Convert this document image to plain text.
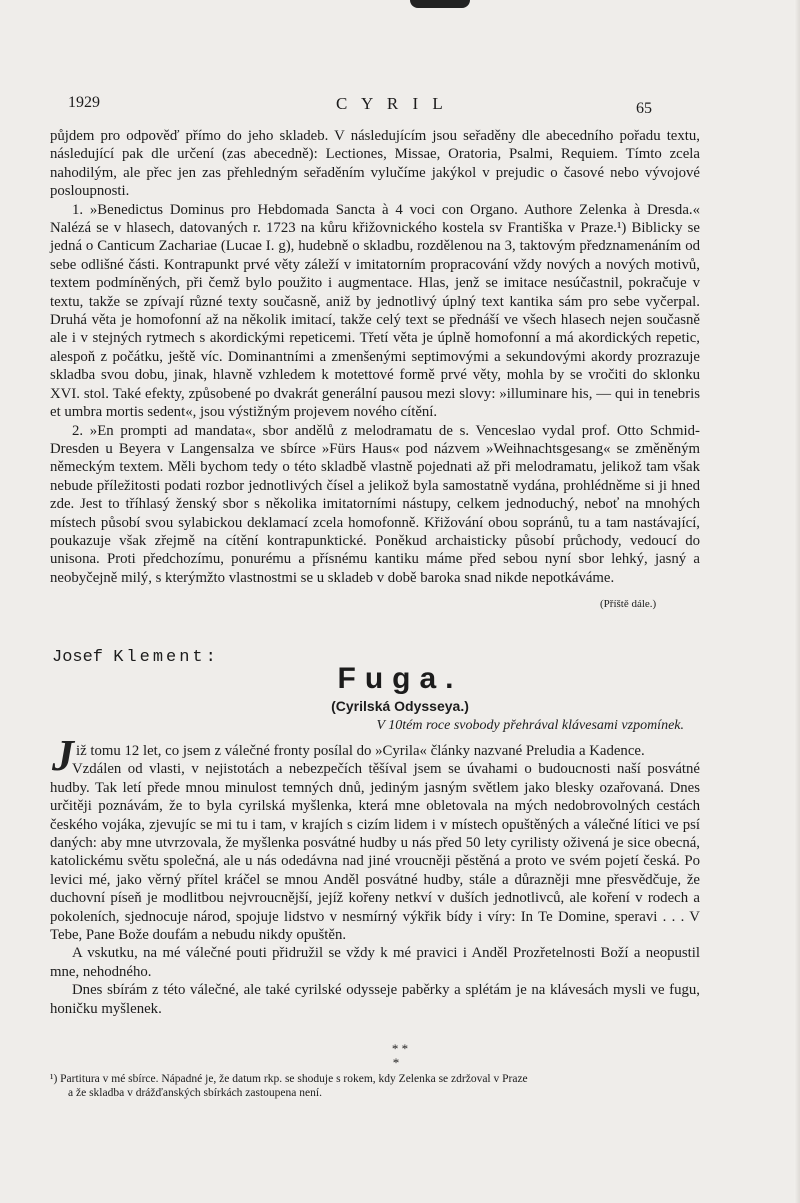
1929	C Y R I L	65

půjdem pro odpověď přímo do jeho skladeb. V následujícím jsou seřaděny dle abecedního pořadu textu, následující pak dle určení (zas abecedně): Lectiones, Missae, Oratoria, Psalmi, Requiem. Tímto zcela nahodilým, ale přec jen zas přehledným seřaděním vylučíme jakýkol v prejudic o časové nebo vývojové posloupnosti.

1. »Benedictus Dominus pro Hebdomada Sancta à 4 voci con Organo. Authore Zelenka à Dresda.« Nalézá se v hlasech, datovaných r. 1723 na kůru křižovnického kostela sv Františka v Praze.¹) Biblicky se jedná o Canticum Zachariae (Lucae I. g), hudebně o skladbu, rozdělenou na 3, taktovým předznamenáním od sebe odlišné části. Kontrapunkt prvé věty záleží v imitatorním propracování vždy nových a nových motivů, textem podmíněných, při čemž bylo použito i augmentace. Hlas, jenž se imitace nesúčastnil, pokračuje v textu, takže se zpívají různé texty současně, aniž by jednotlivý úplný text kantika sám pro sebe vyčerpal. Druhá věta je homofonní až na několik imitací, takže celý text se přednáší ve všech hlasech nejen současně ale i v stejných rytmech s akordickými repeticemi. Třetí věta je úplně homofonní a má akordických repetic, alespoň z počátku, ještě víc. Dominantními a zmenšenými septimovými a sekundovými akordy prozrazuje skladba svou dobu, jinak, hlavně vzhledem k motettové formě prvé věty, mohla by se vročiti do sklonku XVI. stol. Také efekty, způsobené po dvakrát generální pausou mezi slovy: »illuminare his, — qui in tenebris et umbra mortis sedent«, jsou výstižným projevem nového cítění.

2. »En prompti ad mandata«, sbor andělů z melodramatu de s. Venceslao vydal prof. Otto Schmid-Dresden u Beyera v Langensalza ve sbírce »Fürs Haus« pod názvem »Weihnachtsgesang« se změněným německým textem. Měli bychom tedy o této skladbě vlastně pojednati až při melodramatu, jelikož tam však nebude příležitosti podati rozbor jednotlivých čísel a jelikož byla samostatně vydána, prohlédněme si ji hned zde. Jest to tříhlasý ženský sbor s několika imitatorními nástupy, celkem jednoduchý, neboť na mnohých místech působí svou sylabickou deklamací zcela homofonně. Křižování obou sopránů, tu a tam nastávající, poukazuje však zřejmě na cítění kontrapunktické. Poněkud archaisticky působí průchody, vedoucí do unisona. Proti předchozímu, ponurému a přísnému kantiku máme před sebou nyní sbor lehký, jasný a neobyčejně milý, s kterýmžto vlastnostmi se u skladeb v době baroka snad nikde nepotkáváme.

(Příště dále.)
Josef Klement:
Fuga.
(Cyrilská Odysseya.)
V 10tém roce svobody přehrával klávesami vzpomínek.
J iž tomu 12 let, co jsem z válečné fronty posílal do »Cyrila« články nazvané Preludia a Kadence.

Vzdálen od vlasti, v nejistotách a nebezpečích těšíval jsem se úvahami o budoucnosti naší posvátné hudby. Tak letí přede mnou minulost temných dnů, jediným jasným světlem jako blesky ozařovaná. Dnes určitěji poznávám, že to byla cyrilská myšlenka, která mne obletovala na mých nedobrovolných cestách českého vojáka, zjevujíc se mi tu i tam, v krajích s cizím lidem i v místech opuštěných a válečné lítici ve psí daných: aby mne utvrzovala, že myšlenka posvátné hudby u nás před 50 lety cyrilisty oživená je sice obecná, katolickému světu společná, ale u nás odedávna nad jiné vroucněji pěstěná a proto ve svém pojetí česká. Po levici mé, jako věrný přítel kráčel se mnou Anděl posvátné hudby, stále a důrazněji mne přesvědčuje, že duchovní píseň je modlitbou nejvroucnější, jejíž kořeny netkví v duších jednotlivců, ale koření v rodech a pokoleních, sjednocuje národ, spojuje lidstvo v nesmírný výkřik bídy i víry: In Te Domine, speravi . . . V Tebe, Pane Bože doufám a nebudu nikdy opuštěn.

A vskutku, na mé válečné pouti přidružil se vždy k mé pravici i Anděl Prozřetelnosti Boží a neopustil mne, nehodného.

Dnes sbírám z této válečné, ale také cyrilské odysseje paběrky a splétám je na klávesách mysli ve fugu, honičku myšlenek.

* *
*
¹) Partitura v mé sbírce. Nápadné je, že datum rkp. se shoduje s rokem, kdy Zelenka se zdržoval v Praze
a že skladba v drážďanských sbírkách zastoupena není.
